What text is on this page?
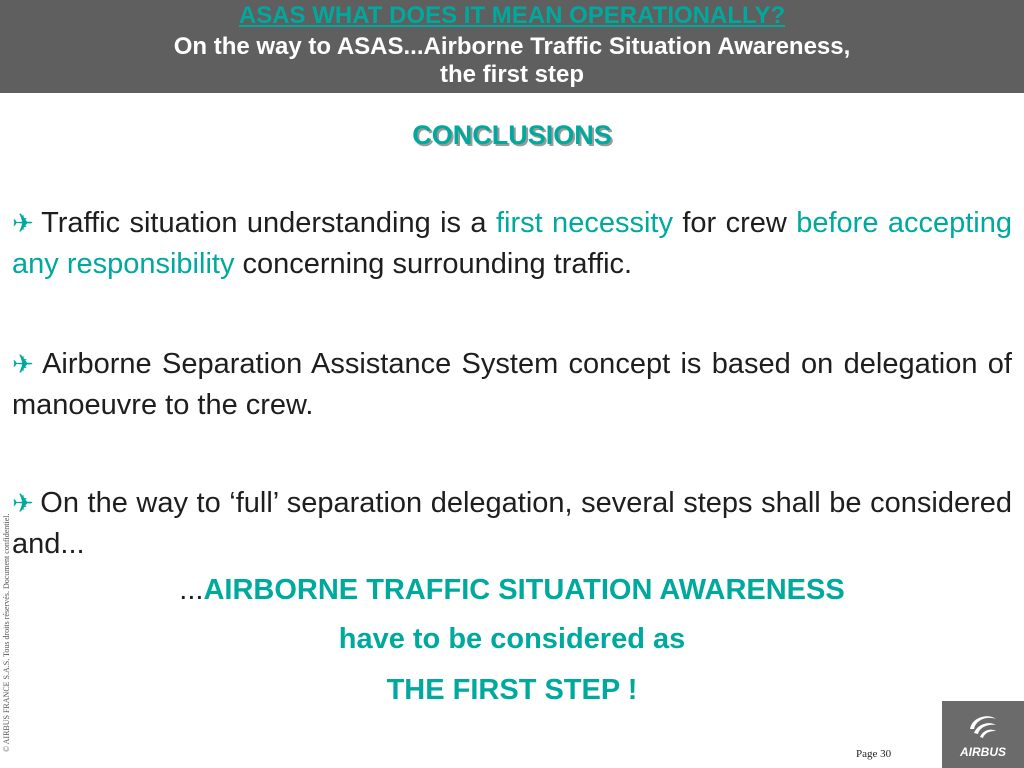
ASAS WHAT DOES IT MEAN OPERATIONALLY?
On the way to ASAS...Airborne Traffic Situation Awareness,
the first step
CONCLUSIONS
✈ Traffic situation understanding is a first necessity for crew before accepting any responsibility concerning surrounding traffic.
✈ Airborne Separation Assistance System concept is based on delegation of manoeuvre to the crew.
✈ On the way to ‘full’ separation delegation, several steps shall be considered and...
...AIRBORNE TRAFFIC SITUATION AWARENESS
have to be considered as
THE FIRST STEP !
© AIRBUS FRANCE S.A.S. Tous droits réservés. Document confidentiel.
Page 30	AIRBUS
